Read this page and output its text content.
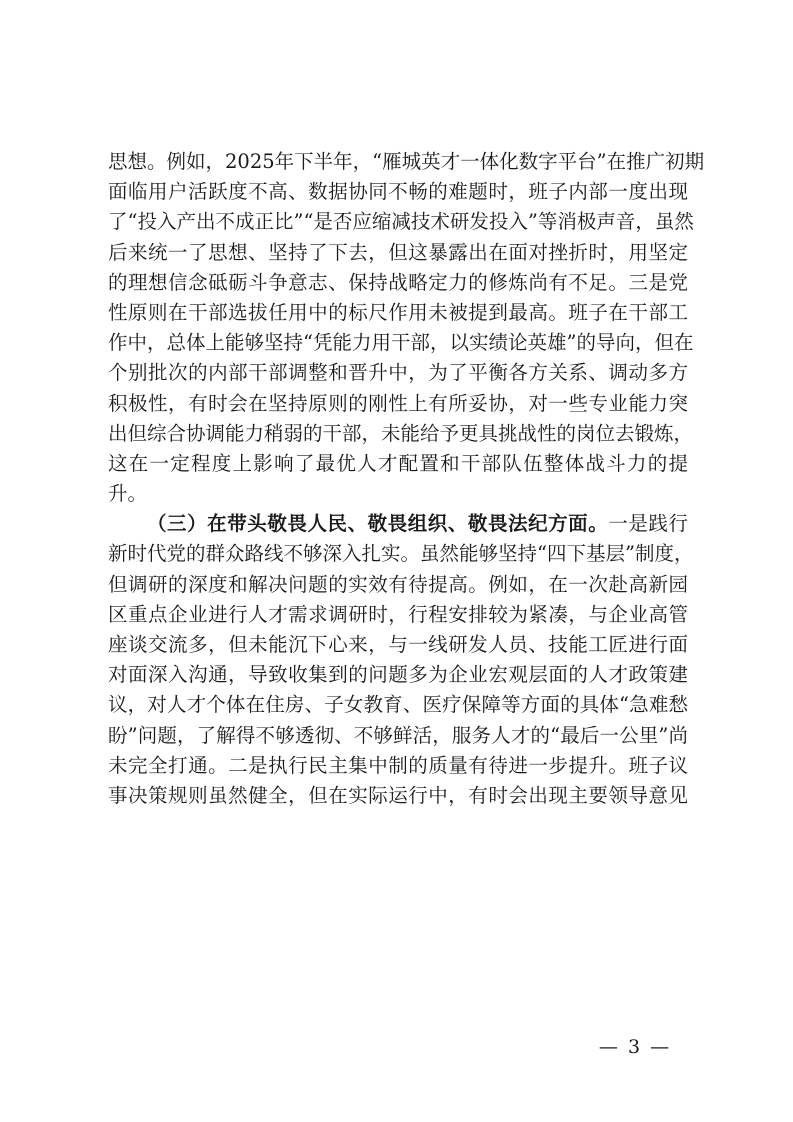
思想。例如，2025年下半年，“雁城英才一体化数字平台”在推广初期
面临用户活跃度不高、数据协同不畅的难题时，班子内部一度出现
了“投入产出不成正比”“是否应缩减技术研发投入”等消极声音，虽然
后来统一了思想、坚持了下去，但这暴露出在面对挫折时，用坚定
的理想信念砥砺斗争意志、保持战略定力的修炼尚有不足。三是党
性原则在干部选拔任用中的标尺作用未被提到最高。班子在干部工
作中，总体上能够坚持“凭能力用干部，以实绩论英雄”的导向，但在
个别批次的内部干部调整和晋升中，为了平衡各方关系、调动多方
积极性，有时会在坚持原则的刚性上有所妥协，对一些专业能力突
出但综合协调能力稍弱的干部，未能给予更具挑战性的岗位去锻炼，
这在一定程度上影响了最优人才配置和干部队伍整体战斗力的提
升。
（三）在带头敬畏人民、敬畏组织、敬畏法纪方面。一是践行
新时代党的群众路线不够深入扎实。虽然能够坚持“四下基层”制度，
但调研的深度和解决问题的实效有待提高。例如，在一次赴高新园
区重点企业进行人才需求调研时，行程安排较为紧凑，与企业高管
座谈交流多，但未能沉下心来，与一线研发人员、技能工匠进行面
对面深入沟通，导致收集到的问题多为企业宏观层面的人才政策建
议，对人才个体在住房、子女教育、医疗保障等方面的具体“急难愁
盼”问题，了解得不够透彻、不够鲜活，服务人才的“最后一公里”尚
未完全打通。二是执行民主集中制的质量有待进一步提升。班子议
事决策规则虽然健全，但在实际运行中，有时会出现主要领导意见
— 3 —
